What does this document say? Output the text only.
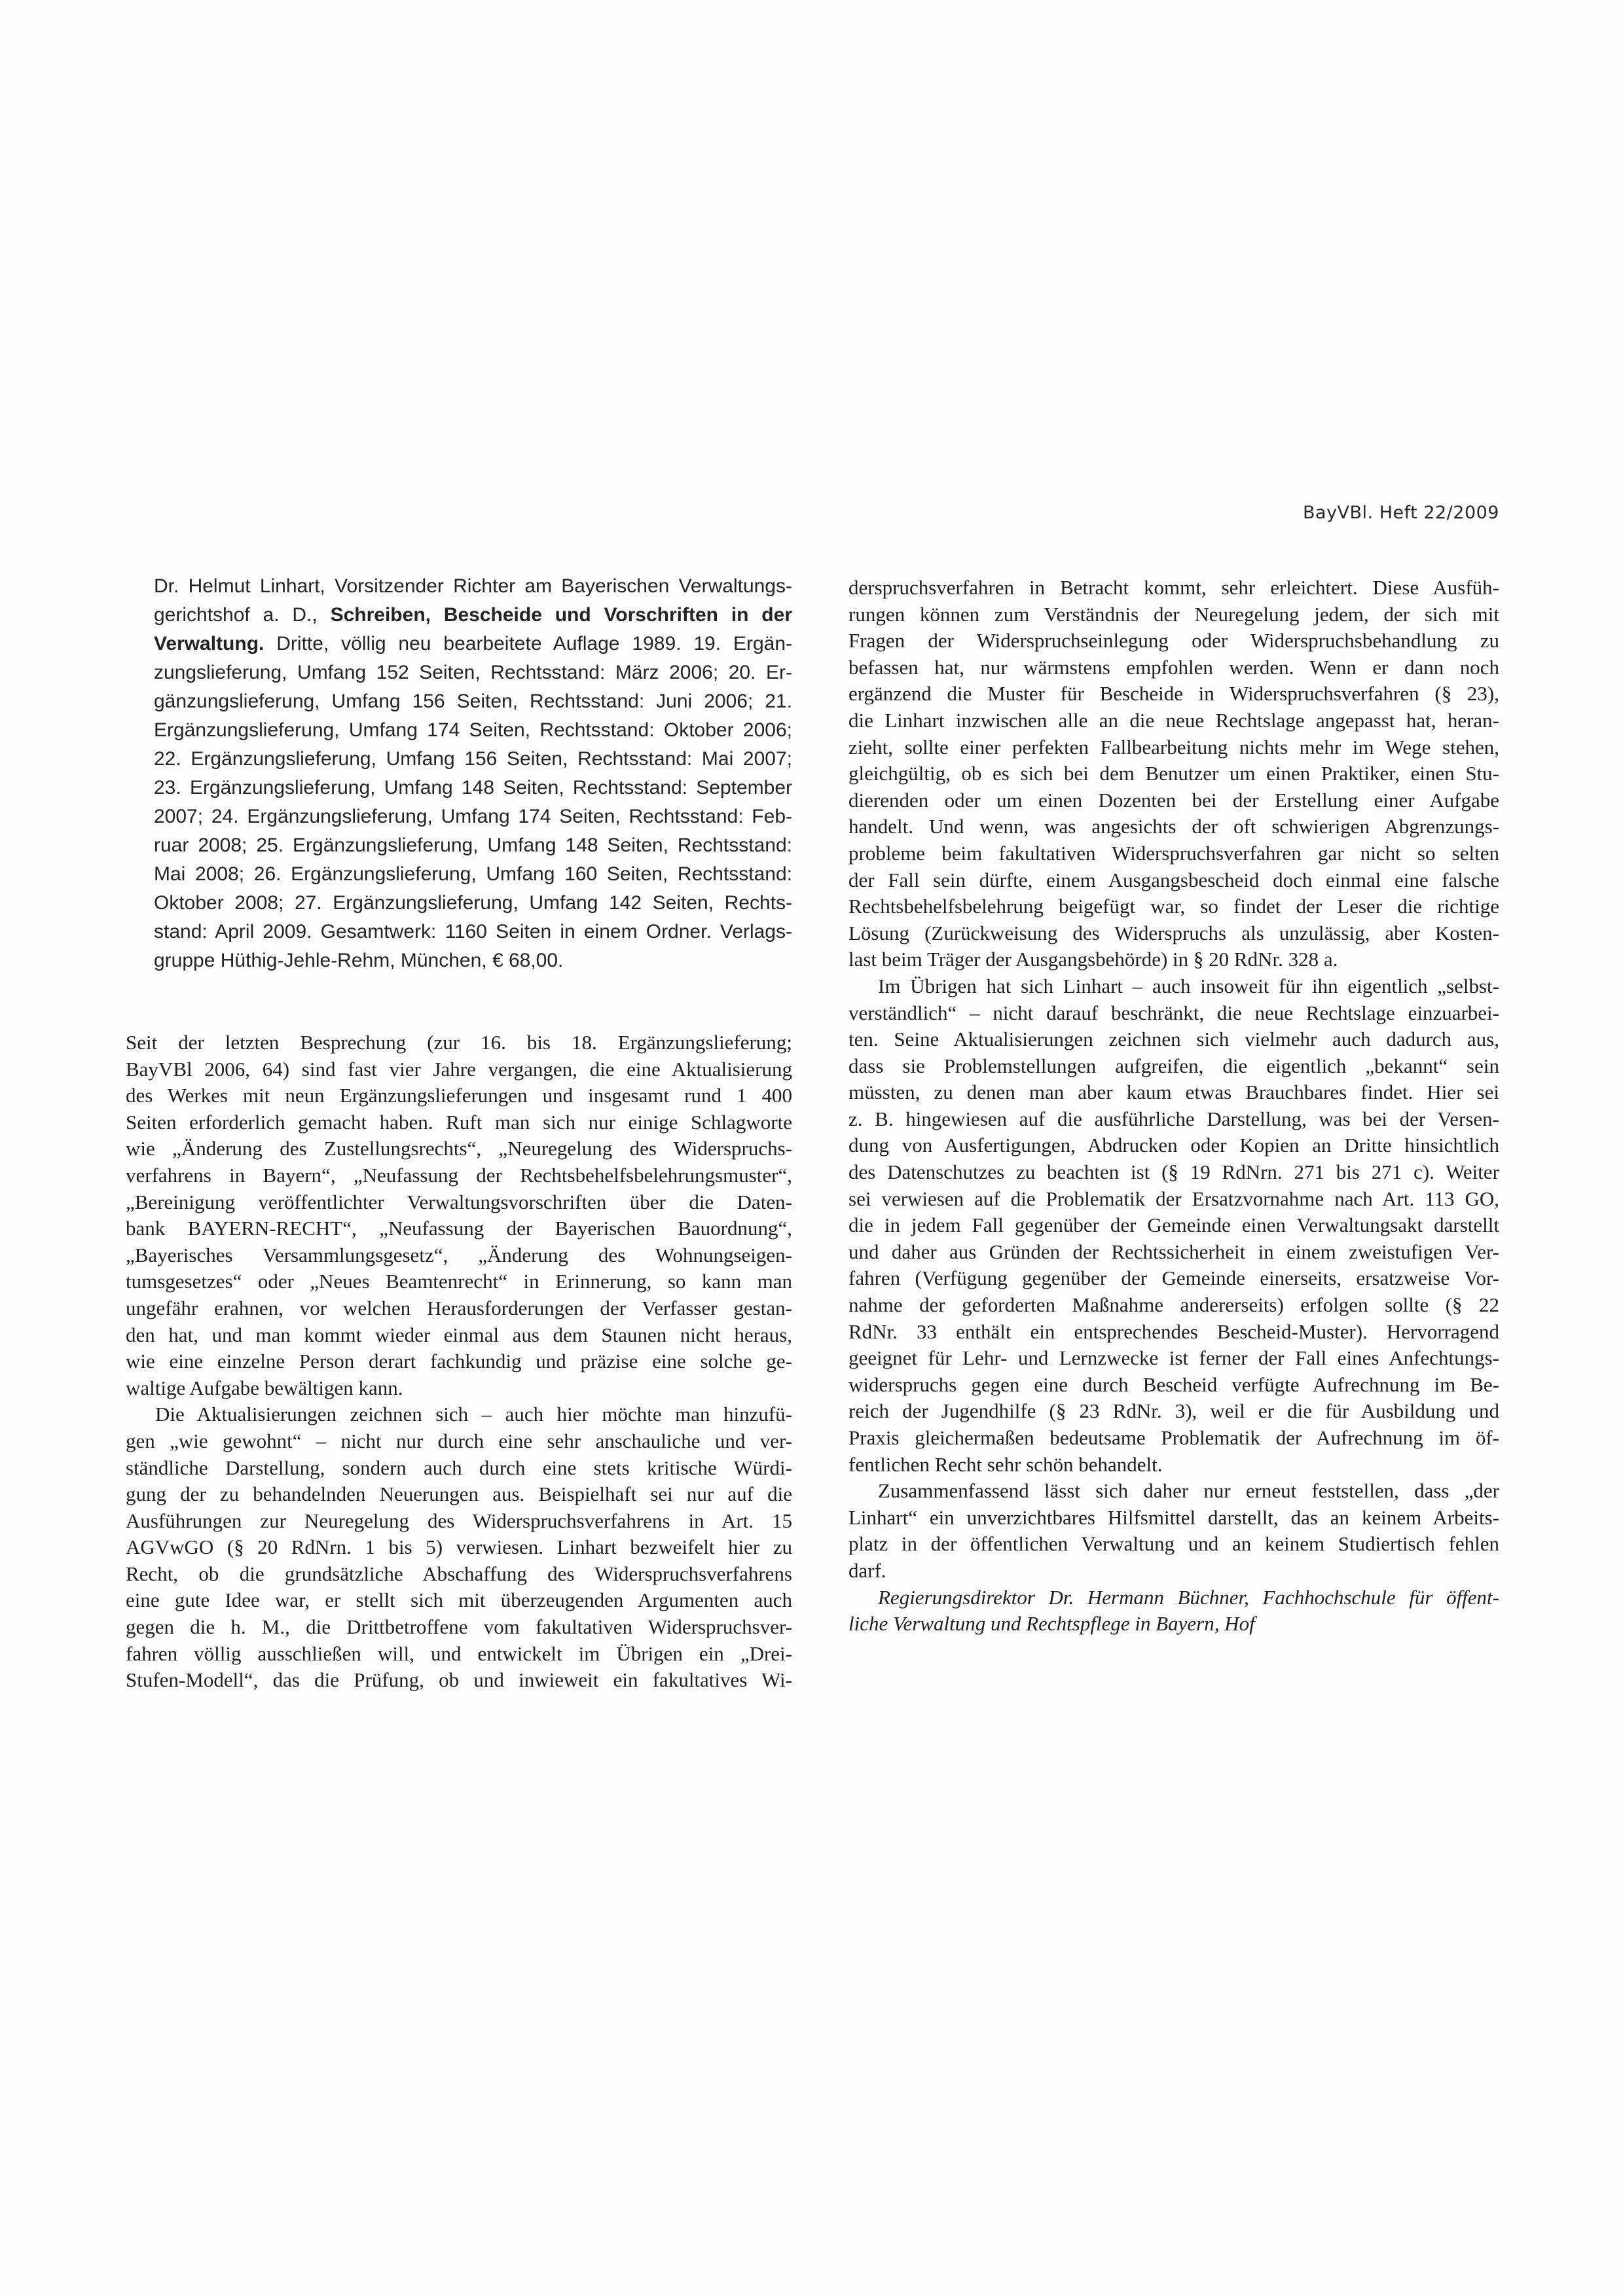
BayVBl. Heft 22/2009
Dr. Helmut Linhart, Vorsitzender Richter am Bayerischen Verwaltungs-
gerichtshof a. D., Schreiben, Bescheide und Vorschriften in der
Verwaltung. Dritte, völlig neu bearbeitete Auflage 1989. 19. Ergän-
zungslieferung, Umfang 152 Seiten, Rechtsstand: März 2006; 20. Er-
gänzungslieferung, Umfang 156 Seiten, Rechtsstand: Juni 2006; 21.
Ergänzungslieferung, Umfang 174 Seiten, Rechtsstand: Oktober 2006;
22. Ergänzungslieferung, Umfang 156 Seiten, Rechtsstand: Mai 2007;
23. Ergänzungslieferung, Umfang 148 Seiten, Rechtsstand: September
2007; 24. Ergänzungslieferung, Umfang 174 Seiten, Rechtsstand: Feb-
ruar 2008; 25. Ergänzungslieferung, Umfang 148 Seiten, Rechtsstand:
Mai 2008; 26. Ergänzungslieferung, Umfang 160 Seiten, Rechtsstand:
Oktober 2008; 27. Ergänzungslieferung, Umfang 142 Seiten, Rechts-
stand: April 2009. Gesamtwerk: 1160 Seiten in einem Ordner. Verlags-
gruppe Hüthig-Jehle-Rehm, München, € 68,00.
Seit der letzten Besprechung (zur 16. bis 18. Ergänzungslieferung;
BayVBl 2006, 64) sind fast vier Jahre vergangen, die eine Aktualisierung
des Werkes mit neun Ergänzungslieferungen und insgesamt rund 1 400
Seiten erforderlich gemacht haben. Ruft man sich nur einige Schlagworte
wie „Änderung des Zustellungsrechts“, „Neuregelung des Widerspruchs-
verfahrens in Bayern“, „Neufassung der Rechtsbehelfsbelehrungsmuster“,
„Bereinigung veröffentlichter Verwaltungsvorschriften über die Daten-
bank BAYERN-RECHT“, „Neufassung der Bayerischen Bauordnung“,
„Bayerisches Versammlungsgesetz“, „Änderung des Wohnungseigen-
tumsgesetzes“ oder „Neues Beamtenrecht“ in Erinnerung, so kann man
ungefähr erahnen, vor welchen Herausforderungen der Verfasser gestan-
den hat, und man kommt wieder einmal aus dem Staunen nicht heraus,
wie eine einzelne Person derart fachkundig und präzise eine solche ge-
waltige Aufgabe bewältigen kann.
Die Aktualisierungen zeichnen sich – auch hier möchte man hinzufü-
gen „wie gewohnt“ – nicht nur durch eine sehr anschauliche und ver-
ständliche Darstellung, sondern auch durch eine stets kritische Würdi-
gung der zu behandelnden Neuerungen aus. Beispielhaft sei nur auf die
Ausführungen zur Neuregelung des Widerspruchsverfahrens in Art. 15
AGVwGO (§ 20 RdNrn. 1 bis 5) verwiesen. Linhart bezweifelt hier zu
Recht, ob die grundsätzliche Abschaffung des Widerspruchsverfahrens
eine gute Idee war, er stellt sich mit überzeugenden Argumenten auch
gegen die h. M., die Drittbetroffene vom fakultativen Widerspruchsver-
fahren völlig ausschließen will, und entwickelt im Übrigen ein „Drei-
Stufen-Modell“, das die Prüfung, ob und inwieweit ein fakultatives Wi-
derspruchsverfahren in Betracht kommt, sehr erleichtert. Diese Ausfüh-
rungen können zum Verständnis der Neuregelung jedem, der sich mit
Fragen der Widerspruchseinlegung oder Widerspruchsbehandlung zu
befassen hat, nur wärmstens empfohlen werden. Wenn er dann noch
ergänzend die Muster für Bescheide in Widerspruchsverfahren (§ 23),
die Linhart inzwischen alle an die neue Rechtslage angepasst hat, heran-
zieht, sollte einer perfekten Fallbearbeitung nichts mehr im Wege stehen,
gleichgültig, ob es sich bei dem Benutzer um einen Praktiker, einen Stu-
dierenden oder um einen Dozenten bei der Erstellung einer Aufgabe
handelt. Und wenn, was angesichts der oft schwierigen Abgrenzungs-
probleme beim fakultativen Widerspruchsverfahren gar nicht so selten
der Fall sein dürfte, einem Ausgangsbescheid doch einmal eine falsche
Rechtsbehelfsbelehrung beigefügt war, so findet der Leser die richtige
Lösung (Zurückweisung des Widerspruchs als unzulässig, aber Kosten-
last beim Träger der Ausgangsbehörde) in § 20 RdNr. 328 a.
Im Übrigen hat sich Linhart – auch insoweit für ihn eigentlich „selbst-
verständlich“ – nicht darauf beschränkt, die neue Rechtslage einzuarbei-
ten. Seine Aktualisierungen zeichnen sich vielmehr auch dadurch aus,
dass sie Problemstellungen aufgreifen, die eigentlich „bekannt“ sein
müssten, zu denen man aber kaum etwas Brauchbares findet. Hier sei
z. B. hingewiesen auf die ausführliche Darstellung, was bei der Versen-
dung von Ausfertigungen, Abdrucken oder Kopien an Dritte hinsichtlich
des Datenschutzes zu beachten ist (§ 19 RdNrn. 271 bis 271 c). Weiter
sei verwiesen auf die Problematik der Ersatzvornahme nach Art. 113 GO,
die in jedem Fall gegenüber der Gemeinde einen Verwaltungsakt darstellt
und daher aus Gründen der Rechtssicherheit in einem zweistufigen Ver-
fahren (Verfügung gegenüber der Gemeinde einerseits, ersatzweise Vor-
nahme der geforderten Maßnahme andererseits) erfolgen sollte (§ 22
RdNr. 33 enthält ein entsprechendes Bescheid-Muster). Hervorragend
geeignet für Lehr- und Lernzwecke ist ferner der Fall eines Anfechtungs-
widerspruchs gegen eine durch Bescheid verfügte Aufrechnung im Be-
reich der Jugendhilfe (§ 23 RdNr. 3), weil er die für Ausbildung und
Praxis gleichermaßen bedeutsame Problematik der Aufrechnung im öf-
fentlichen Recht sehr schön behandelt.
Zusammenfassend lässt sich daher nur erneut feststellen, dass „der
Linhart“ ein unverzichtbares Hilfsmittel darstellt, das an keinem Arbeits-
platz in der öffentlichen Verwaltung und an keinem Studiertisch fehlen
darf.
Regierungsdirektor Dr. Hermann Büchner, Fachhochschule für öffent-
liche Verwaltung und Rechtspflege in Bayern, Hof
